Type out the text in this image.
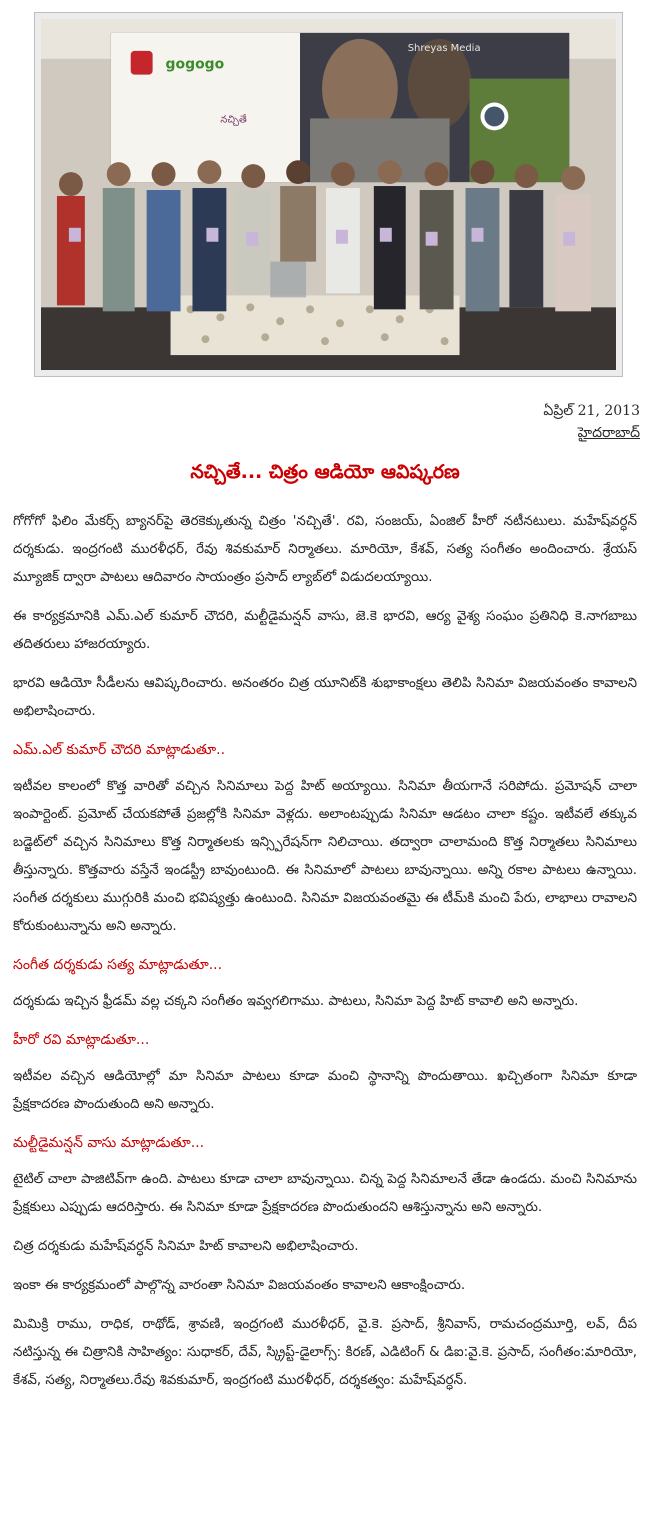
gogogo
Shreyas Media
నచ్చితే
ఏప్రిల్ 21, 2013
హైదరాబాద్
నచ్చితే... చిత్రం ఆడియో ఆవిష్కరణ

గోగోగో ఫిలిం మేకర్స్ బ్యానర్‌పై తెరకెక్కుతున్న చిత్రం 'నచ్చితే'. రవి, సంజయ్, ఏంజిల్ హీరో నటీనటులు. మహేష్‌వర్ధన్ దర్శకుడు. ఇంద్రగంటి మురళీధర్, రేవు శివకుమార్ నిర్మాతలు. మారియో, కేశవ్, సత్య సంగీతం అందించారు. శ్రేయస్ మ్యూజిక్ ద్వారా పాటలు ఆదివారం సాయంత్రం ప్రసాద్ ల్యాబ్‌లో విడుదలయ్యాయి.

ఈ కార్యక్రమానికి ఎమ్.ఎల్ కుమార్ చౌదరి, మల్టీడైమన్షన్ వాసు, జె.కె భారవి, ఆర్య వైశ్య సంఘం ప్రతినిధి కె.నాగబాబు తదితరులు హాజరయ్యారు.

భారవి ఆడియో సీడీలను ఆవిష్కరించారు. అనంతరం చిత్ర యూనిట్‌కి శుభాకాంక్షలు తెలిపి సినిమా విజయవంతం కావాలని అభిలాషించారు.

ఎమ్.ఎల్ కుమార్ చౌదరి మాట్లాడుతూ..

ఇటీవల కాలంలో కొత్త వారితో వచ్చిన సినిమాలు పెద్ద హిట్ అయ్యాయి. సినిమా తీయగానే సరిపోదు. ప్రమోషన్ చాలా ఇంపార్టెంట్. ప్రమోట్ చేయకపోతే ప్రజల్లోకి సినిమా వెళ్లదు. అలాంటప్పుడు సినిమా ఆడటం చాలా కష్టం. ఇటీవలే తక్కువ బడ్జెట్‌లో వచ్చిన సినిమాలు కొత్త నిర్మాతలకు ఇన్స్పిరేషన్‌గా నిలిచాయి. తద్వారా చాలామంది కొత్త నిర్మాతలు సినిమాలు తీస్తున్నారు. కొత్తవారు వస్తేనే ఇండస్ట్రీ బావుంటుంది. ఈ సినిమాలో పాటలు బావున్నాయి. అన్ని రకాల పాటలు ఉన్నాయి. సంగీత దర్శకులు ముగ్గురికి మంచి భవిష్యత్తు ఉంటుంది. సినిమా విజయవంతమై ఈ టీమ్‌కి మంచి పేరు, లాభాలు రావాలని కోరుకుంటున్నాను అని అన్నారు.

సంగీత దర్శకుడు సత్య మాట్లాడుతూ...

దర్శకుడు ఇచ్చిన ఫ్రీడమ్ వల్ల చక్కని సంగీతం ఇవ్వగలిగాము. పాటలు, సినిమా పెద్ద హిట్ కావాలి అని అన్నారు.

హీరో రవి మాట్లాడుతూ...

ఇటీవల వచ్చిన ఆడియోల్లో మా సినిమా పాటలు కూడా మంచి స్థానాన్ని పొందుతాయి. ఖచ్చితంగా సినిమా కూడా ప్రేక్షకాదరణ పొందుతుంది అని అన్నారు.

మల్టీడైమన్షన్ వాసు మాట్లాడుతూ...

టైటిల్ చాలా పాజిటివ్‌గా ఉంది. పాటలు కూడా చాలా బావున్నాయి. చిన్న పెద్ద సినిమాలనే తేడా ఉండదు. మంచి సినిమాను ప్రేక్షకులు ఎప్పుడు ఆదరిస్తారు. ఈ సినిమా కూడా ప్రేక్షకాదరణ పొందుతుందని ఆశిస్తున్నాను అని అన్నారు.

చిత్ర దర్శకుడు మహేష్‌వర్ధన్ సినిమా హిట్ కావాలని అభిలాషించారు.

ఇంకా ఈ కార్యక్రమంలో పాల్గొన్న వారంతా సినిమా విజయవంతం కావాలని ఆకాంక్షించారు.

మిమిక్రి రాము, రాధిక, రాథోడ్, శ్రావణి, ఇంద్రగంటి మురళీధర్, వై.కె. ప్రసాద్, శ్రీనివాస్, రామచంద్రమూర్తి, లవ్, దీప నటిస్తున్న ఈ చిత్రానికి సాహిత్యం: సుధాకర్, దేవ్, స్క్రిప్ట్-డైలాగ్స్: కిరణ్, ఎడిటింగ్ & డిఐ:వై.కె. ప్రసాద్, సంగీతం:మారియో, కేశవ్, సత్య, నిర్మాతలు.రేవు శివకుమార్, ఇంద్రగంటి మురళీధర్, దర్శకత్వం: మహేష్‌వర్ధన్.
